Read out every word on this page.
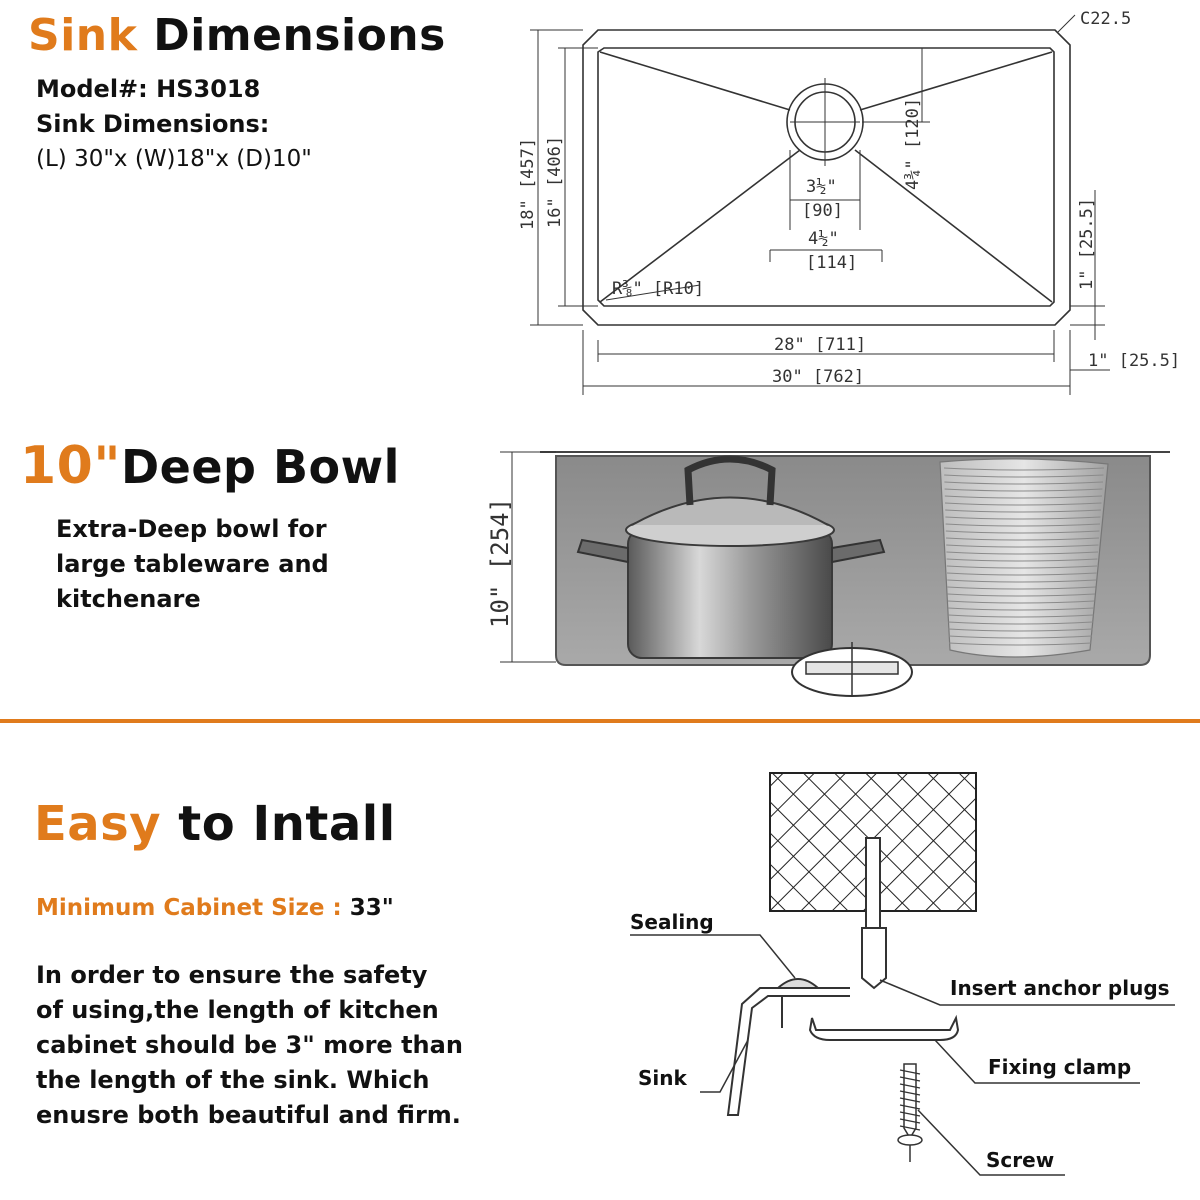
Sink Dimensions
Model#: HS3018
Sink Dimensions:
(L) 30"x (W)18"x (D)10"
C22.5
18" [457] 16" [406]	4¾" [120]
3½"
[90]
4½"
[114]
R⅜" [R10]	1" [25.5]
28" [711]
30" [762]
1" [25.5]
10"Deep Bowl
Extra-Deep bowl for
large tableware and
kitchenare	10" [254]
Easy to Intall
Minimum Cabinet Size : 33"
In order to ensure the safety
of using,the length of kitchen
cabinet should be 3" more than
the length of the sink. Which
enusre both beautiful and firm.
Sealing
Insert anchor plugs
Sink	Fixing clamp
Screw
